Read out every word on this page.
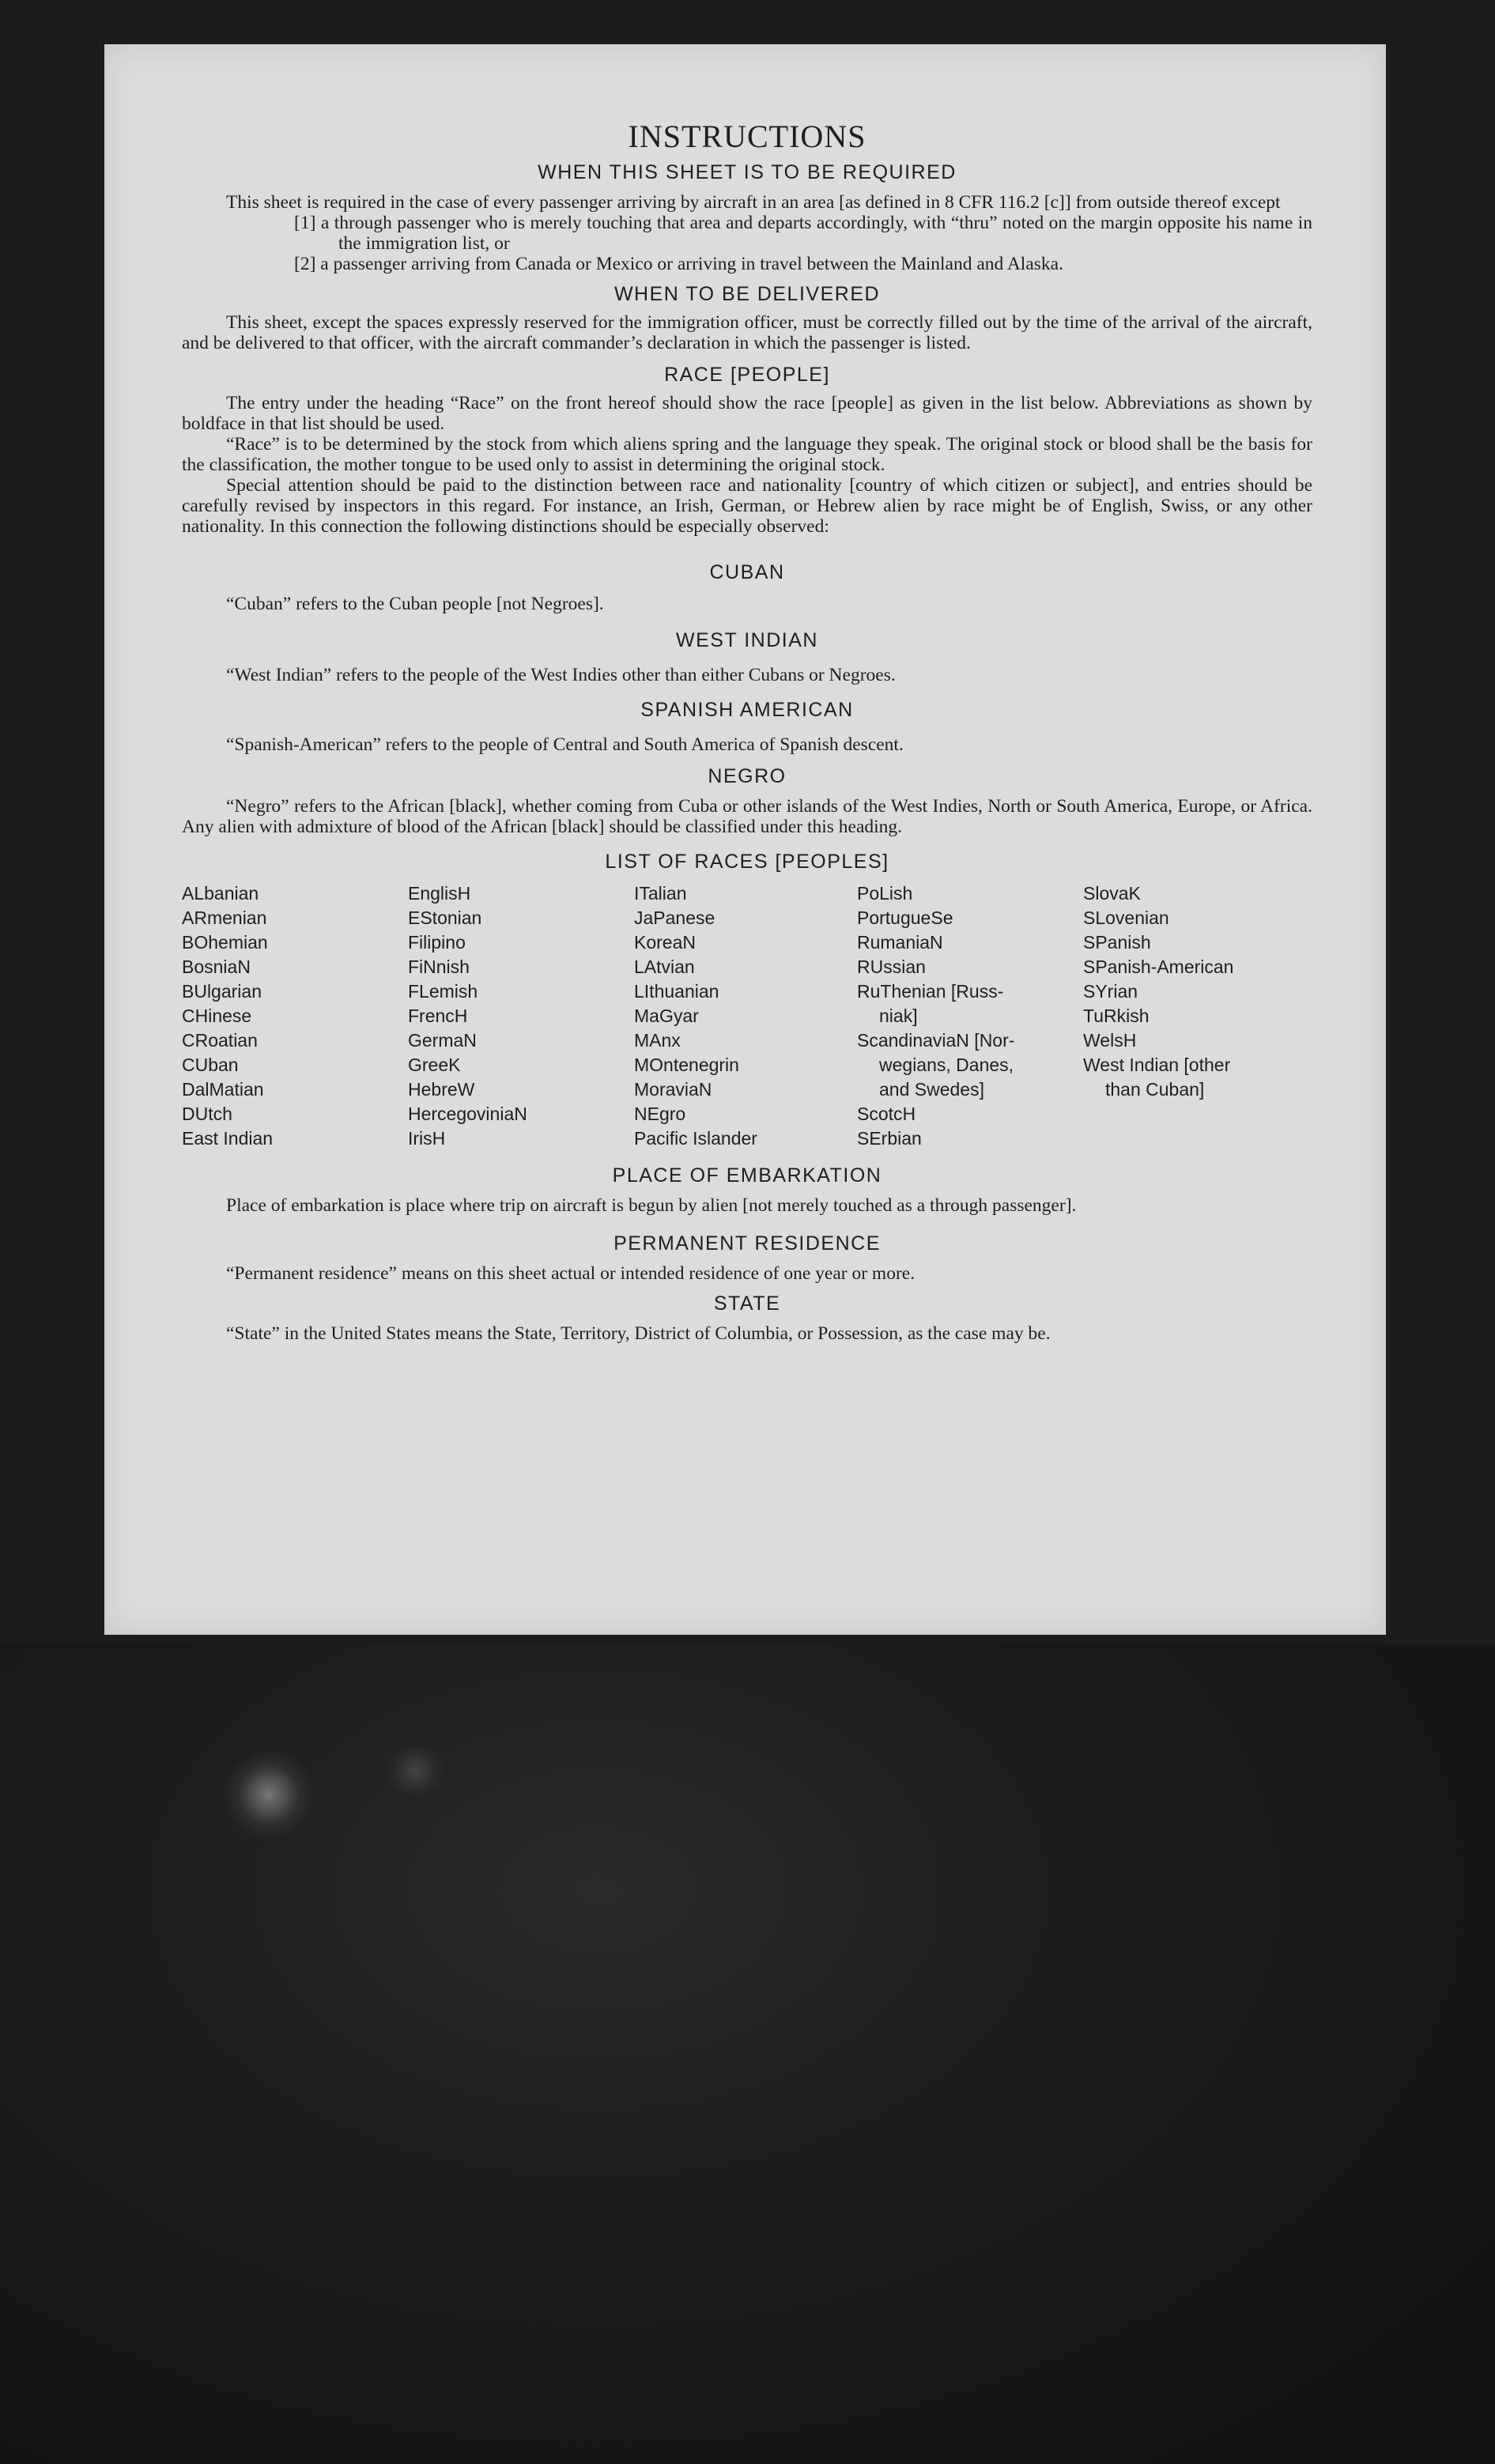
INSTRUCTIONS
WHEN THIS SHEET IS TO BE REQUIRED

This sheet is required in the case of every passenger arriving by aircraft in an area [as defined in 8 CFR 116.2 [c]] from outside thereof except

[1] a through passenger who is merely touching that area and departs accordingly, with “thru” noted on the margin opposite his name in the immigration list, or

[2] a passenger arriving from Canada or Mexico or arriving in travel between the Mainland and Alaska.

WHEN TO BE DELIVERED

This sheet, except the spaces expressly reserved for the immigration officer, must be correctly filled out by the time of the arrival of the aircraft, and be delivered to that officer, with the aircraft commander’s declaration in which the passenger is listed.

RACE [PEOPLE]

The entry under the heading “Race” on the front hereof should show the race [people] as given in the list below. Abbreviations as shown by boldface in that list should be used.

“Race” is to be determined by the stock from which aliens spring and the language they speak. The original stock or blood shall be the basis for the classification, the mother tongue to be used only to assist in determining the original stock.

Special attention should be paid to the distinction between race and nationality [country of which citizen or subject], and entries should be carefully revised by inspectors in this regard. For instance, an Irish, German, or Hebrew alien by race might be of English, Swiss, or any other nationality. In this connection the following distinctions should be especially observed:

CUBAN

“Cuban” refers to the Cuban people [not Negroes].

WEST INDIAN

“West Indian” refers to the people of the West Indies other than either Cubans or Negroes.

SPANISH AMERICAN

“Spanish-American” refers to the people of Central and South America of Spanish descent.

NEGRO

“Negro” refers to the African [black], whether coming from Cuba or other islands of the West Indies, North or South America, Europe, or Africa. Any alien with admixture of blood of the African [black] should be classified under this heading.

LIST OF RACES [PEOPLES]
ALbanian
ARmenian
BOhemian
BosniaN
BUlgarian
CHinese
CRoatian
CUban
DalMatian
DUtch
East Indian
EnglisH
EStonian
Filipino
FiNnish
FLemish
FrencH
GermaN
GreeK
HebreW
HercegoviniaN
IrisH
ITalian
JaPanese
KoreaN
LAtvian
LIthuanian
MaGyar
MAnx
MOntenegrin
MoraviaN
NEgro
Pacific Islander
PoLish
PortugueSe
RumaniaN
RUssian
RuThenian [Russ-
niak]
ScandinaviaN [Nor-
wegians, Danes,
and Swedes]
ScotcH
SErbian
SlovaK
SLovenian
SPanish
SPanish-American
SYrian
TuRkish
WelsH
West Indian [other
than Cuban]
PLACE OF EMBARKATION

Place of embarkation is place where trip on aircraft is begun by alien [not merely touched as a through passenger].

PERMANENT RESIDENCE

“Permanent residence” means on this sheet actual or intended residence of one year or more.

STATE

“State” in the United States means the State, Territory, District of Columbia, or Possession, as the case may be.
